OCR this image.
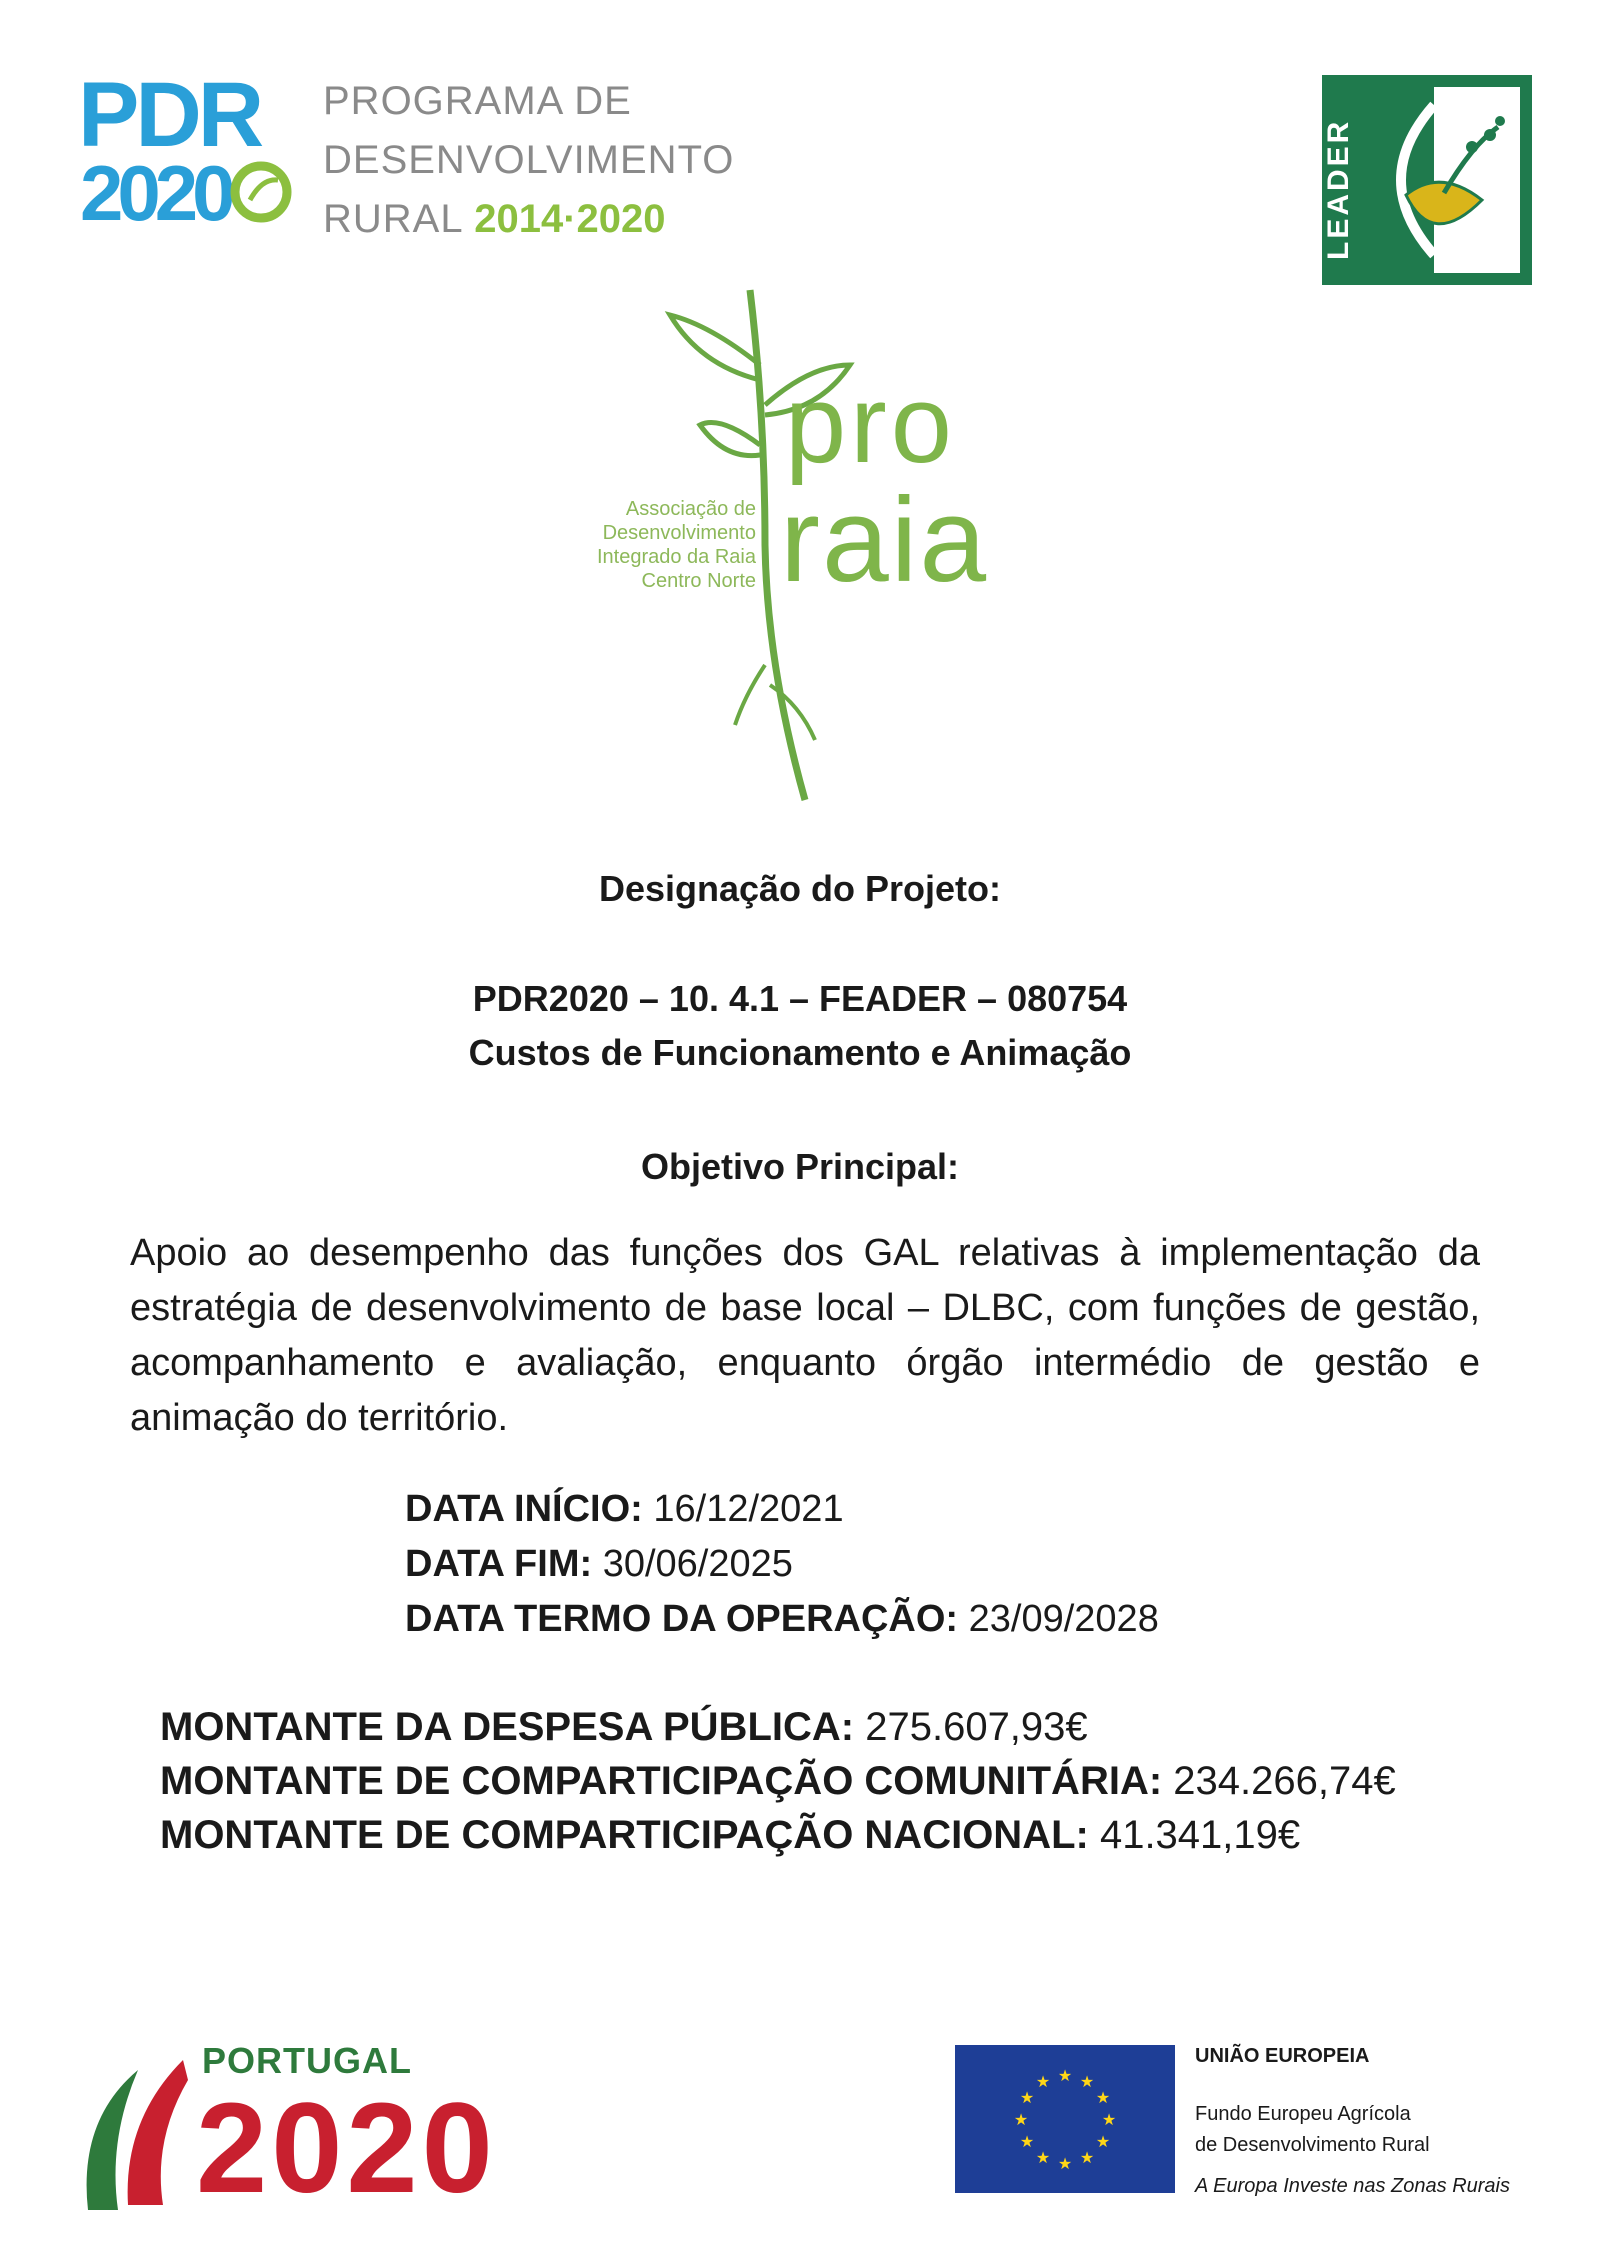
PDR
2020
PROGRAMA DE
DESENVOLVIMENTO
RURAL 2014·2020	LEADER
Associação de
Desenvolvimento
Integrado da Raia
Centro Norte
pro
raia
Designação do Projeto:
PDR2020 – 10. 4.1 – FEADER – 080754
Custos de Funcionamento e Animação
Objetivo Principal:
Apoio ao desempenho das funções dos GAL relativas à implementação da estratégia de desenvolvimento de base local – DLBC, com funções de gestão, acompanhamento e avaliação, enquanto órgão intermédio de gestão e animação do território.
DATA INÍCIO: 16/12/2021
DATA FIM: 30/06/2025
DATA TERMO DA OPERAÇÃO: 23/09/2028
MONTANTE DA DESPESA PÚBLICA: 275.607,93€
MONTANTE DE COMPARTICIPAÇÃO COMUNITÁRIA: 234.266,74€
MONTANTE DE COMPARTICIPAÇÃO NACIONAL: 41.341,19€
PORTUGAL
2020
★ ★
★
★
★
★
★
★
★
★
★
★
UNIÃO EUROPEIA
Fundo Europeu Agrícola
de Desenvolvimento Rural
A Europa Investe nas Zonas Rurais
